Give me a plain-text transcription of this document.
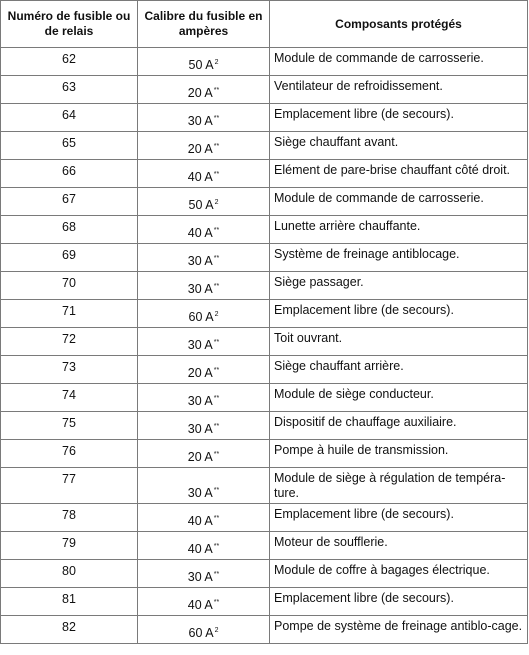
Numéro de fusible ou de relais	Calibre du fusible en ampères	Composants protégés
62	50 $A^2$	Module de commande de carrosserie.
63	20 A**	Ventilateur de refroidissement.
64	30 A**	Emplacement libre (de secours).
65	20 A**	Siège chauffant avant.
66	40 A**	Elément de pare-brise chauffant côté droit.
67	50 $A^2$	Module de commande de carrosserie.
68	40 A**	Lunette arrière chauffante.
69	30 A**	Système de freinage antiblocage.
70	30 A**	Siège passager.
71	60 $A^2$	Emplacement libre (de secours).
72	30 A**	Toit ouvrant.
73	20 A**	Siège chauffant arrière.
74	30 A**	Module de siège conducteur.
75	30 A**	Dispositif de chauffage auxiliaire.
76	20 A**	Pompe à huile de transmission.
77	30 A**	Module de siège à régulation de tempéra-ture.
78	40 A**	Emplacement libre (de secours).
79	40 A**	Moteur de soufflerie.
80	30 A**	Module de coffre à bagages électrique.
81	40 A**	Emplacement libre (de secours).
82	60 $A^2$	Pompe de système de freinage antiblo-cage.
